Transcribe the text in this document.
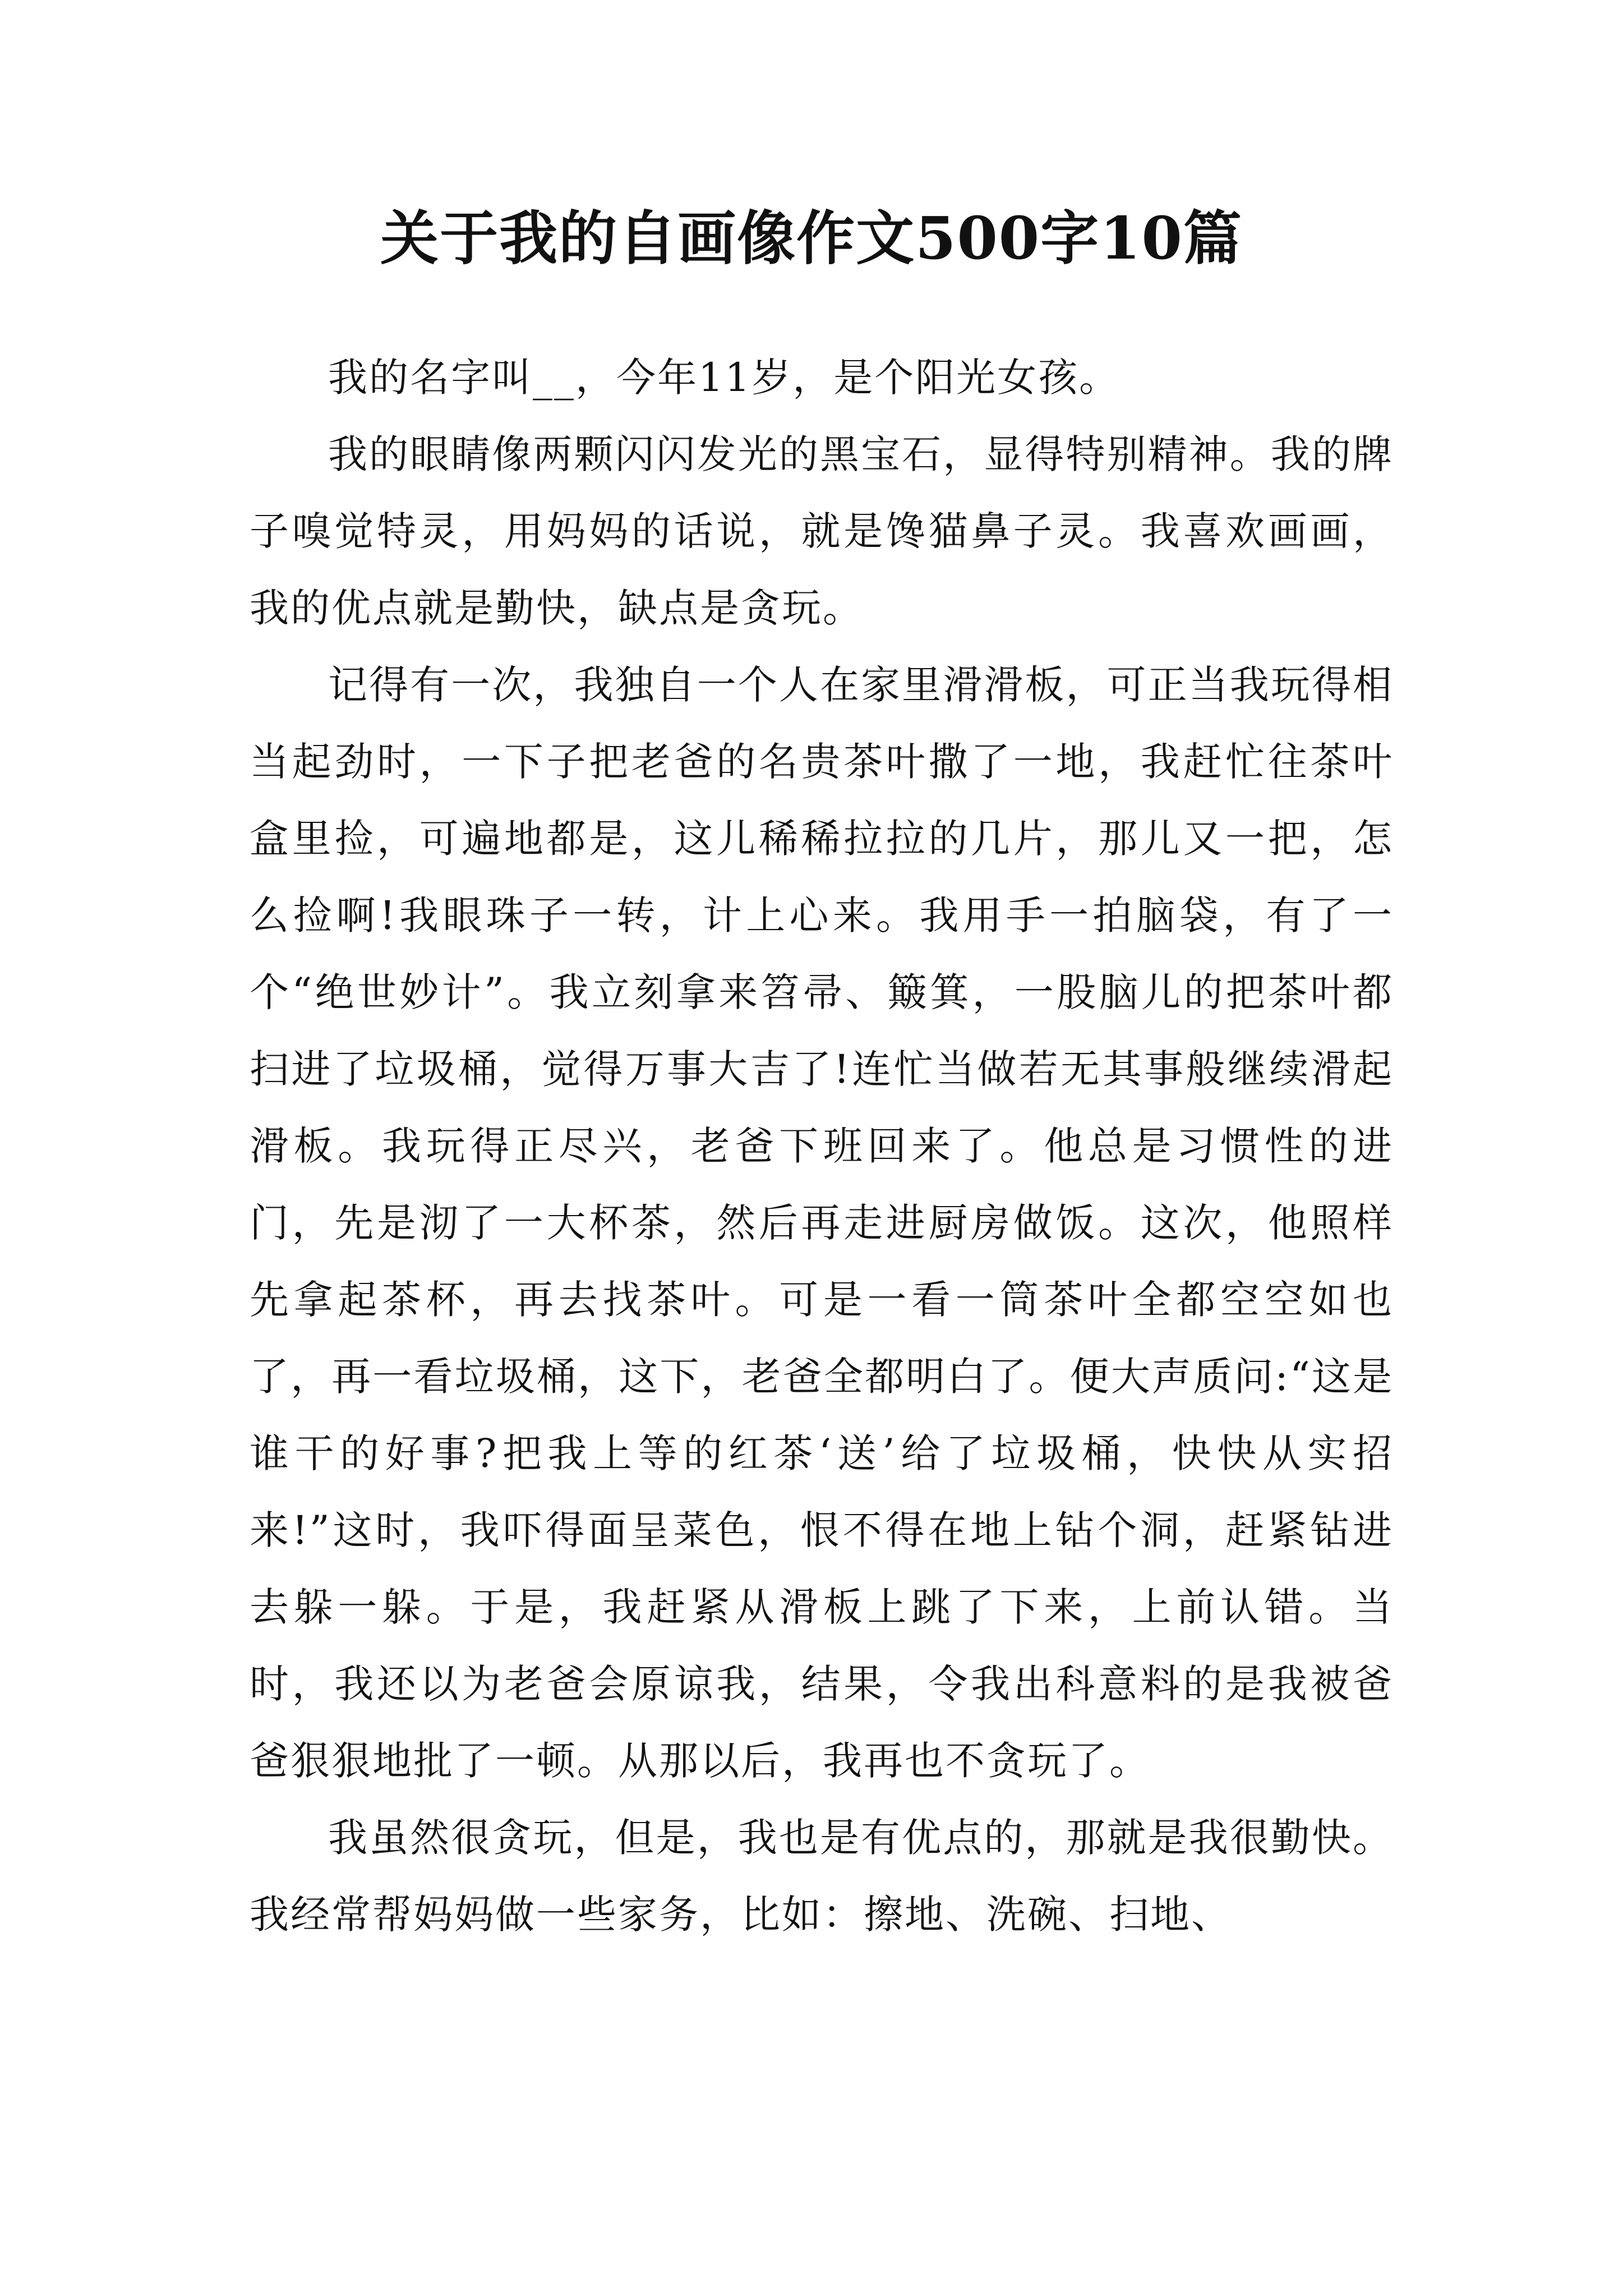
关于我的自画像作文500字10篇

我的名字叫__，今年11岁，是个阳光女孩。

我的眼睛像两颗闪闪发光的黑宝石，显得特别精神。我的牌子嗅觉特灵，用妈妈的话说，就是馋猫鼻子灵。我喜欢画画，我的优点就是勤快，缺点是贪玩。

记得有一次，我独自一个人在家里滑滑板，可正当我玩得相当起劲时，一下子把老爸的名贵茶叶撒了一地，我赶忙往茶叶盒里捡，可遍地都是，这儿稀稀拉拉的几片，那儿又一把，怎么捡啊!我眼珠子一转，计上心来。我用手一拍脑袋，有了一个“绝世妙计”。我立刻拿来笤帚、簸箕，一股脑儿的把茶叶都扫进了垃圾桶，觉得万事大吉了!连忙当做若无其事般继续滑起滑板。我玩得正尽兴，老爸下班回来了。他总是习惯性的进门，先是沏了一大杯茶，然后再走进厨房做饭。这次，他照样先拿起茶杯，再去找茶叶。可是一看一筒茶叶全都空空如也了，再一看垃圾桶，这下，老爸全都明白了。便大声质问:“这是谁干的好事?把我上等的红茶‘送’给了垃圾桶，快快从实招来!”这时，我吓得面呈菜色，恨不得在地上钻个洞，赶紧钻进去躲一躲。于是，我赶紧从滑板上跳了下来，上前认错。当时，我还以为老爸会原谅我，结果，令我出科意料的是我被爸爸狠狠地批了一顿。从那以后，我再也不贪玩了。

我虽然很贪玩，但是，我也是有优点的，那就是我很勤快。我经常帮妈妈做一些家务，比如：擦地、洗碗、扫地、
